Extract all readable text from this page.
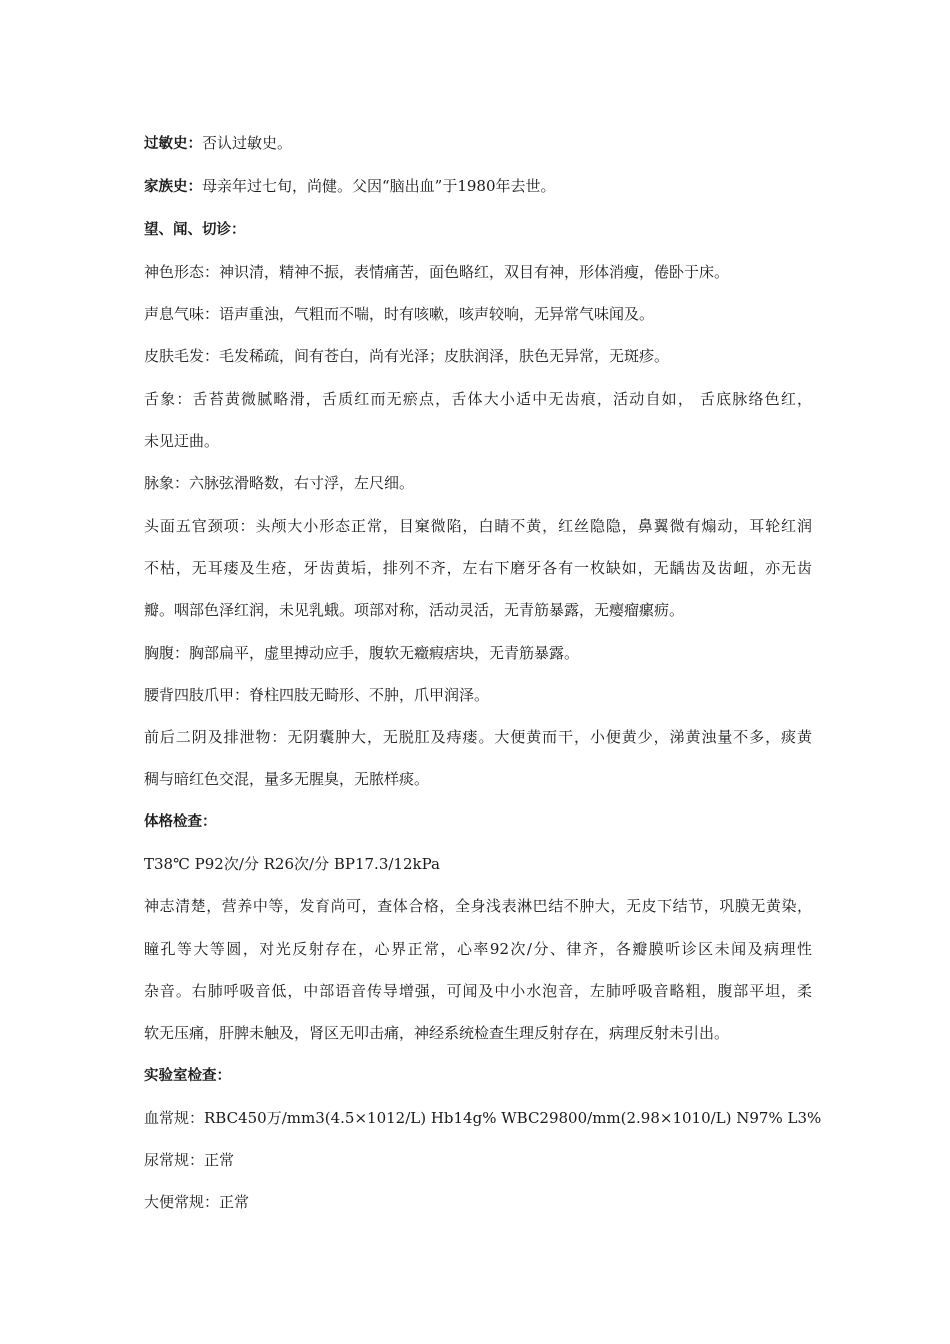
过敏史：否认过敏史。

家族史：母亲年过七旬，尚健。父因“脑出血”于1980年去世。

望、闻、切诊：

神色形态：神识清，精神不振，表情痛苦，面色略红，双目有神，形体消瘦，倦卧于床。

声息气味：语声重浊，气粗而不喘，时有咳嗽，咳声较响，无异常气味闻及。

皮肤毛发：毛发稀疏，间有苍白，尚有光泽；皮肤润泽，肤色无异常，无斑疹。

舌象：舌苔黄微腻略滑，舌质红而无瘀点，舌体大小适中无齿痕，活动自如， 舌底脉络色红，

未见迂曲。

脉象：六脉弦滑略数，右寸浮，左尺细。

头面五官颈项：头颅大小形态正常，目窠微陷，白睛不黄，红丝隐隐，鼻翼微有煽动，耳轮红润

不枯，无耳瘘及生疮，牙齿黄垢，排列不齐，左右下磨牙各有一枚缺如，无龋齿及齿衄，亦无齿

瓣。咽部色泽红润，未见乳蛾。项部对称，活动灵活，无青筋暴露，无瘿瘤瘰疬。

胸腹：胸部扁平，虚里搏动应手，腹软无癥瘕痞块，无青筋暴露。

腰背四肢爪甲：脊柱四肢无畸形、不肿，爪甲润泽。

前后二阴及排泄物：无阴囊肿大，无脱肛及痔瘘。大便黄而干，小便黄少，涕黄浊量不多，痰黄

稠与暗红色交混，量多无腥臭，无脓样痰。

体格检查：

T38℃ P92次/分 R26次/分 BP17.3/12kPa

神志清楚，营养中等，发育尚可，查体合格，全身浅表淋巴结不肿大，无皮下结节，巩膜无黄染，

瞳孔等大等圆，对光反射存在，心界正常，心率92次/分、律齐，各瓣膜听诊区未闻及病理性

杂音。右肺呼吸音低，中部语音传导增强，可闻及中小水泡音，左肺呼吸音略粗，腹部平坦，柔

软无压痛，肝脾未触及，肾区无叩击痛，神经系统检查生理反射存在，病理反射未引出。

实验室检查：

血常规：RBC450万/mm3(4.5×1012/L) Hb14g% WBC29800/mm(2.98×1010/L) N97% L3%

尿常规：正常

大便常规：正常
